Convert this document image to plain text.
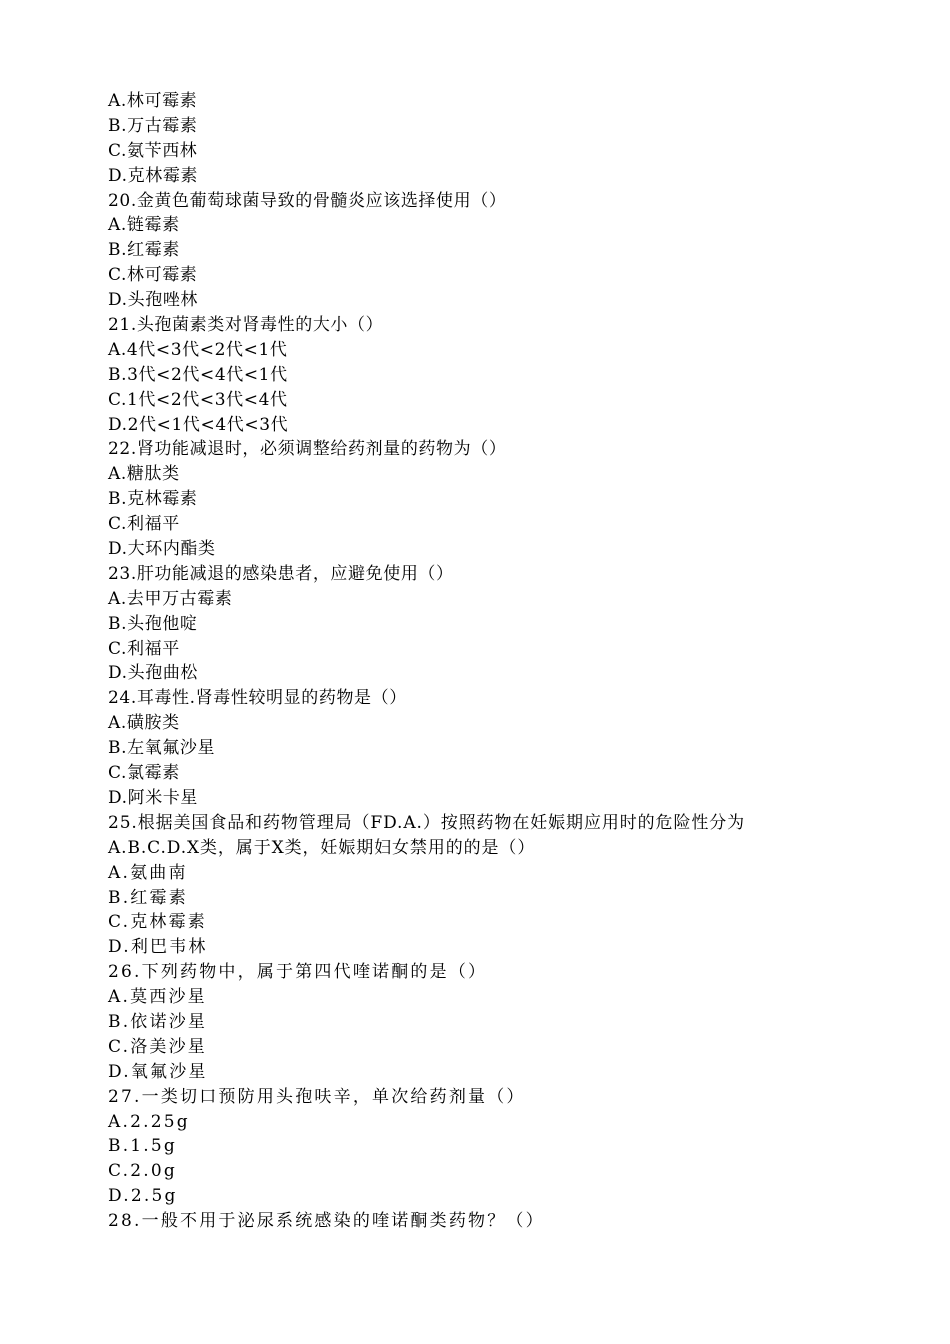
A.林可霉素
B.万古霉素
C.氨苄西林
D.克林霉素
20.金黄色葡萄球菌导致的骨髓炎应该选择使用（）
A.链霉素
B.红霉素
C.林可霉素
D.头孢唑林
21.头孢菌素类对肾毒性的大小（）
A.4代<3代<2代<1代
B.3代<2代<4代<1代
C.1代<2代<3代<4代
D.2代<1代<4代<3代
22.肾功能减退时，必须调整给药剂量的药物为（）
A.糖肽类
B.克林霉素
C.利福平
D.大环内酯类
23.肝功能减退的感染患者，应避免使用（）
A.去甲万古霉素
B.头孢他啶
C.利福平
D.头孢曲松
24.耳毒性.肾毒性较明显的药物是（）
A.磺胺类
B.左氧氟沙星
C.氯霉素
D.阿米卡星
25.根据美国食品和药物管理局（FD.A.）按照药物在妊娠期应用时的危险性分为
A.B.C.D.X类，属于X类，妊娠期妇女禁用的的是（）
A.氨曲南
B.红霉素
C.克林霉素
D.利巴韦林
26.下列药物中，属于第四代喹诺酮的是（）
A.莫西沙星
B.依诺沙星
C.洛美沙星
D.氧氟沙星
27.一类切口预防用头孢呋辛，单次给药剂量（）
A.2.25g
B.1.5g
C.2.0g
D.2.5g
28.一般不用于泌尿系统感染的喹诺酮类药物？（）
